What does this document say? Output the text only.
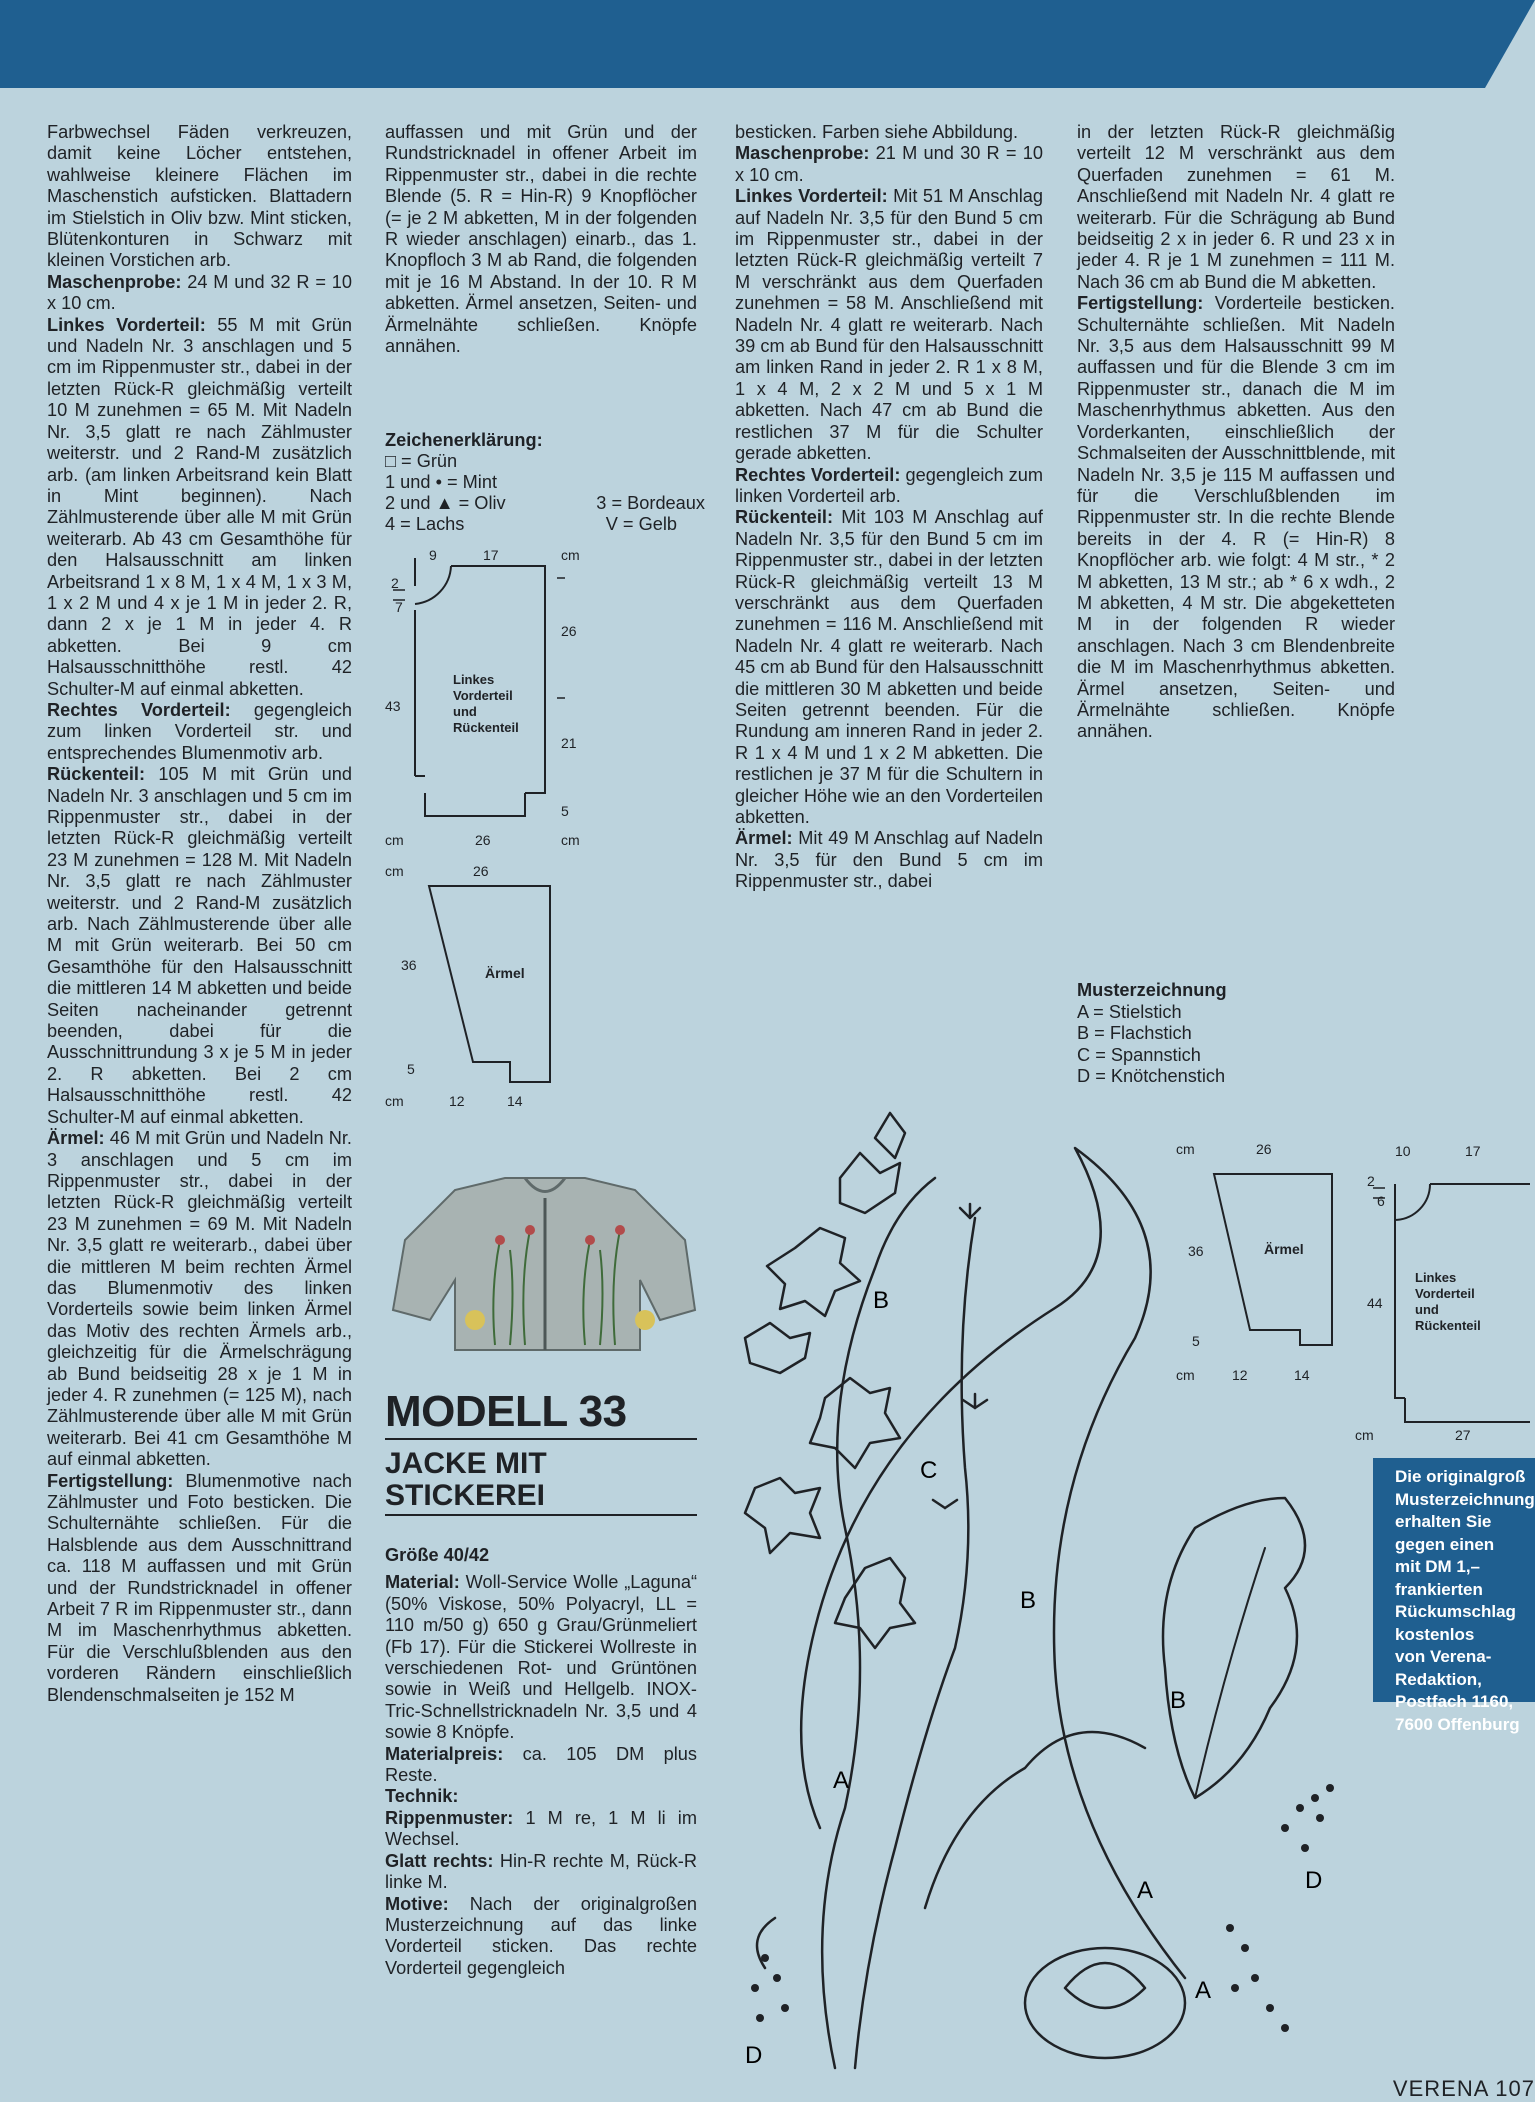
Farbwechsel Fäden verkreuzen, damit keine Löcher entstehen, wahlweise kleinere Flächen im Maschenstich aufsticken. Blattadern im Stielstich in Oliv bzw. Mint sticken, Blütenkonturen in Schwarz mit kleinen Vorstichen arb.

Maschenprobe: 24 M und 32 R = 10 x 10 cm.

Linkes Vorderteil: 55 M mit Grün und Nadeln Nr. 3 anschlagen und 5 cm im Rippenmuster str., dabei in der letzten Rück-R gleichmäßig verteilt 10 M zunehmen = 65 M. Mit Nadeln Nr. 3,5 glatt re nach Zählmuster weiterstr. und 2 Rand-M zusätzlich arb. (am linken Arbeitsrand kein Blatt in Mint beginnen). Nach Zählmusterende über alle M mit Grün weiterarb. Ab 43 cm Gesamthöhe für den Halsausschnitt am linken Arbeitsrand 1 x 8 M, 1 x 4 M, 1 x 3 M, 1 x 2 M und 4 x je 1 M in jeder 2. R, dann 2 x je 1 M in jeder 4. R abketten. Bei 9 cm Halsausschnitthöhe restl. 42 Schulter-M auf einmal abketten.

Rechtes Vorderteil: gegengleich zum linken Vorderteil str. und entsprechendes Blumenmotiv arb.

Rückenteil: 105 M mit Grün und Nadeln Nr. 3 anschlagen und 5 cm im Rippenmuster str., dabei in der letzten Rück-R gleichmäßig verteilt 23 M zunehmen = 128 M. Mit Nadeln Nr. 3,5 glatt re nach Zählmuster weiterstr. und 2 Rand-M zusätzlich arb. Nach Zählmusterende über alle M mit Grün weiterarb. Bei 50 cm Gesamthöhe für den Halsausschnitt die mittleren 14 M abketten und beide Seiten nacheinander getrennt beenden, dabei für die Ausschnittrundung 3 x je 5 M in jeder 2. R abketten. Bei 2 cm Halsausschnitthöhe restl. 42 Schulter-M auf einmal abketten.

Ärmel: 46 M mit Grün und Nadeln Nr. 3 anschlagen und 5 cm im Rippenmuster str., dabei in der letzten Rück-R gleichmäßig verteilt 23 M zunehmen = 69 M. Mit Nadeln Nr. 3,5 glatt re weiterarb., dabei über die mittleren M beim rechten Ärmel das Blumenmotiv des linken Vorderteils sowie beim linken Ärmel das Motiv des rechten Ärmels arb., gleichzeitig für die Ärmelschrägung ab Bund beidseitig 28 x je 1 M in jeder 4. R zunehmen (= 125 M), nach Zählmusterende über alle M mit Grün weiterarb. Bei 41 cm Gesamthöhe M auf einmal abketten.

Fertigstellung: Blumenmotive nach Zählmuster und Foto besticken. Die Schulternähte schließen. Für die Halsblende aus dem Ausschnittrand ca. 118 M auffassen und mit Grün und der Rundstricknadel in offener Arbeit 7 R im Rippenmuster str., dann M im Maschenrhythmus abketten. Für die Verschlußblenden aus den vorderen Rändern einschließlich Blendenschmalseiten je 152 M

auffassen und mit Grün und der Rundstricknadel in offener Arbeit im Rippenmuster str., dabei in die rechte Blende (5. R = Hin-R) 9 Knopflöcher (= je 2 M abketten, M in der folgenden R wieder anschlagen) einarb., das 1. Knopfloch 3 M ab Rand, die folgenden mit je 16 M Abstand. In der 10. R M abketten. Ärmel ansetzen, Seiten- und Ärmelnähte schließen. Knöpfe annähen.

Zeichenerklärung:
□ = Grün
1 und • = Mint
2 und ▲ = Oliv	3 = Bordeaux
4 = Lachs	V = Gelb
9	17	cm
2
7
43
26
21
5
26
cm	cm
Linkes
Vorderteil
und
Rückenteil
cm	26
36
5
cm	12	14
Ärmel
MODELL 33
JACKE MIT
STICKEREI

Größe 40/42

Material: Woll-Service Wolle „Laguna“ (50% Viskose, 50% Polyacryl, LL = 110 m/50 g) 650 g Grau/Grünmeliert (Fb 17). Für die Stickerei Wollreste in verschiedenen Rot- und Grüntönen sowie in Weiß und Hellgelb. INOX-Tric-Schnellstricknadeln Nr. 3,5 und 4 sowie 8 Knöpfe.

Materialpreis: ca. 105 DM plus Reste.

Technik:

Rippenmuster: 1 M re, 1 M li im Wechsel.

Glatt rechts: Hin-R rechte M, Rück-R linke M.

Motive: Nach der originalgroßen Musterzeichnung auf das linke Vorderteil sticken. Das rechte Vorderteil gegengleich

besticken. Farben siehe Abbildung.

Maschenprobe: 21 M und 30 R = 10 x 10 cm.

Linkes Vorderteil: Mit 51 M Anschlag auf Nadeln Nr. 3,5 für den Bund 5 cm im Rippenmuster str., dabei in der letzten Rück-R gleichmäßig verteilt 7 M verschränkt aus dem Querfaden zunehmen = 58 M. Anschließend mit Nadeln Nr. 4 glatt re weiterarb. Nach 39 cm ab Bund für den Halsausschnitt am linken Rand in jeder 2. R 1 x 8 M, 1 x 4 M, 2 x 2 M und 5 x 1 M abketten. Nach 47 cm ab Bund die restlichen 37 M für die Schulter gerade abketten.

Rechtes Vorderteil: gegengleich zum linken Vorderteil arb.

Rückenteil: Mit 103 M Anschlag auf Nadeln Nr. 3,5 für den Bund 5 cm im Rippenmuster str., dabei in der letzten Rück-R gleichmäßig verteilt 13 M verschränkt aus dem Querfaden zunehmen = 116 M. Anschließend mit Nadeln Nr. 4 glatt re weiterarb. Nach 45 cm ab Bund für den Halsausschnitt die mittleren 30 M abketten und beide Seiten getrennt beenden. Für die Rundung am inneren Rand in jeder 2. R 1 x 4 M und 1 x 2 M abketten. Die restlichen je 37 M für die Schultern in gleicher Höhe wie an den Vorderteilen abketten.

Ärmel: Mit 49 M Anschlag auf Nadeln Nr. 3,5 für den Bund 5 cm im Rippenmuster str., dabei

in der letzten Rück-R gleichmäßig verteilt 12 M verschränkt aus dem Querfaden zunehmen = 61 M. Anschließend mit Nadeln Nr. 4 glatt re weiterarb. Für die Schrägung ab Bund beidseitig 2 x in jeder 6. R und 23 x in jeder 4. R je 1 M zunehmen = 111 M. Nach 36 cm ab Bund die M abketten.

Fertigstellung: Vorderteile besticken. Schulternähte schließen. Mit Nadeln Nr. 3,5 aus dem Halsausschnitt 99 M auffassen und für die Blende 3 cm im Rippenmuster str., danach die M im Maschenrhythmus abketten. Aus den Vorderkanten, einschließlich der Schmalseiten der Ausschnittblende, mit Nadeln Nr. 3,5 je 115 M auffassen und für die Verschlußblenden im Rippenmuster str. In die rechte Blende bereits in der 4. R (= Hin-R) 8 Knopflöcher arb. wie folgt: 4 M str., * 2 M abketten, 13 M str.; ab * 6 x wdh., 2 M abketten, 4 M str. Die abgeketteten M in der folgenden R wieder anschlagen. Nach 3 cm Blendenbreite die M im Maschenrhythmus abketten. Ärmel ansetzen, Seiten- und Ärmelnähte schließen. Knöpfe annähen.

Musterzeichnung
A = Stielstich
B = Flachstich
C = Spannstich
D = Knötchenstich
cm	26
36
5
cm	12	14
Ärmel
10	17
2
6
44
cm	27
Linkes
Vorderteil
und
Rückenteil
B
B
B
C
A
A
A
D
D
Die originalgroß
Musterzeichnung
erhalten Sie
gegen einen
mit DM 1,–
frankierten
Rückumschlag
kostenlos
von Verena-
Redaktion,
Postfach 1160,
7600 Offenburg
VERENA 107
